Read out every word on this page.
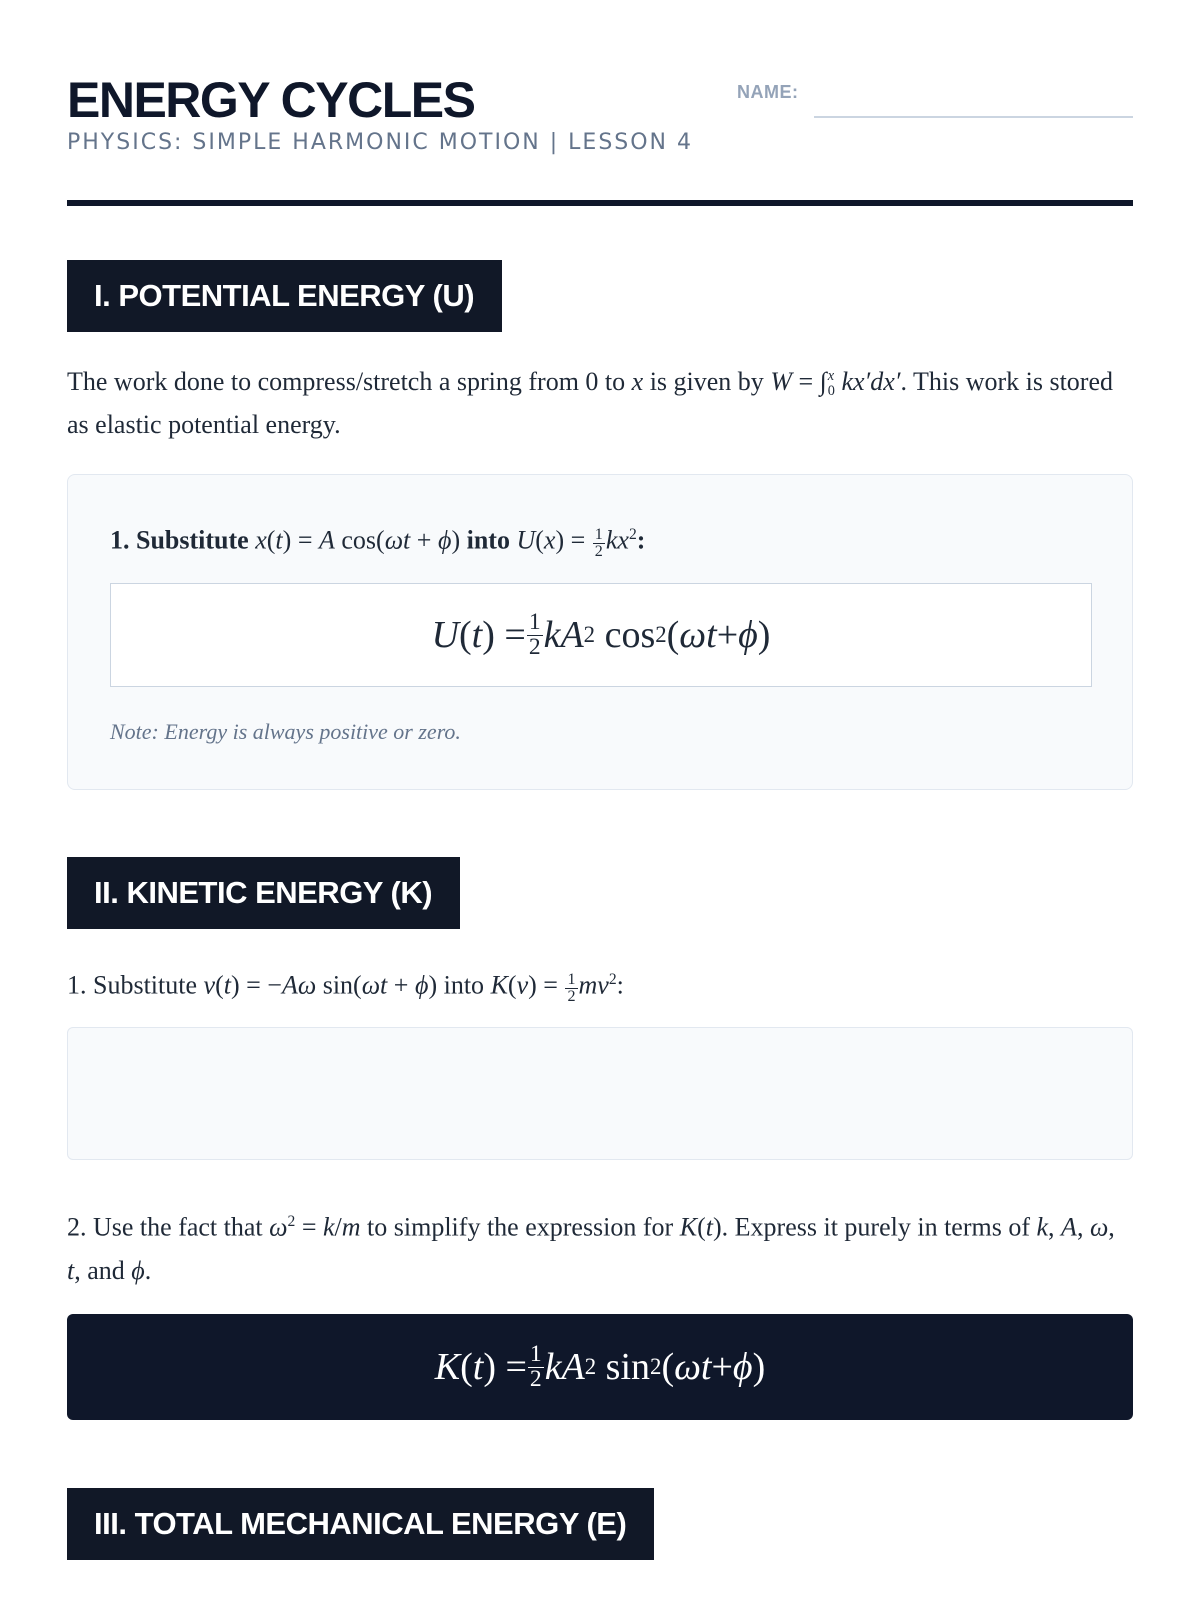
ENERGY CYCLES
PHYSICS: SIMPLE HARMONIC MOTION | LESSON 4
NAME:
I. POTENTIAL ENERGY (U)
The work done to compress/stretch a spring from 0 to x is given by W = ∫ x
0 kx′dx′. This work is stored as elastic potential energy.
1. Substitute x(t) = A cos(ωt + ϕ) into $U(x) = \frac{1}{2} kx^2$:
U ( t ) = $\frac{1}{2}$ kA 2 cos 2 ( ωt + ϕ )
Note: Energy is always positive or zero.
II. KINETIC ENERGY (K)
1. Substitute v(t) = −Aω sin(ωt + ϕ) into $K(v) = \frac{1}{2} mv^2$:
2. Use the fact that $\omega^2 = k/m$ to simplify the expression for K(t). Express it purely in terms of k, A, ω, t, and ϕ.
K ( t ) = $\frac{1}{2}$ kA 2 sin 2 ( ωt + ϕ )
III. TOTAL MECHANICAL ENERGY (E)
